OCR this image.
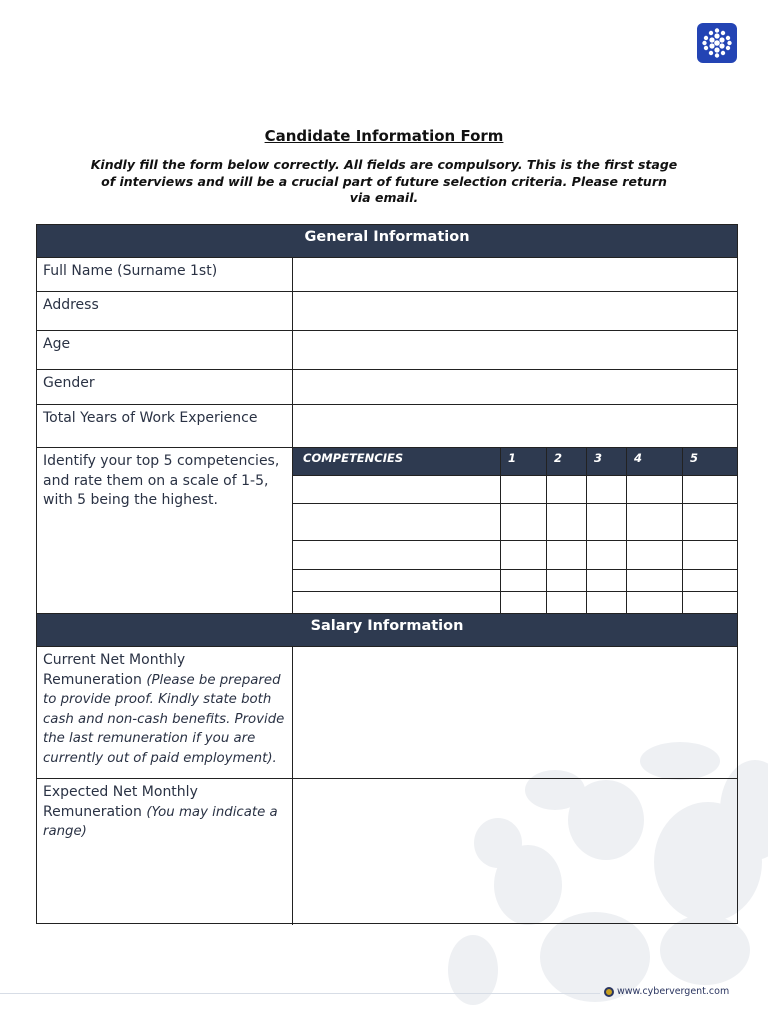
Candidate Information Form
Kindly fill the form below correctly. All fields are compulsory. This is the first stage of interviews and will be a crucial part of future selection criteria. Please return via email.
General Information
Full Name (Surname 1st)
Address
Age
Gender
Total Years of Work Experience
Identify your top 5 competencies, and rate them on a scale of 1-5, with 5 being the highest.
COMPETENCIES	1	2	3	4	5
Salary Information
Current Net Monthly Remuneration (Please be prepared to provide proof. Kindly state both cash and non-cash benefits. Provide the last remuneration if you are currently out of paid employment).
Expected Net Monthly Remuneration (You may indicate a range)
www.cybervergent.com
